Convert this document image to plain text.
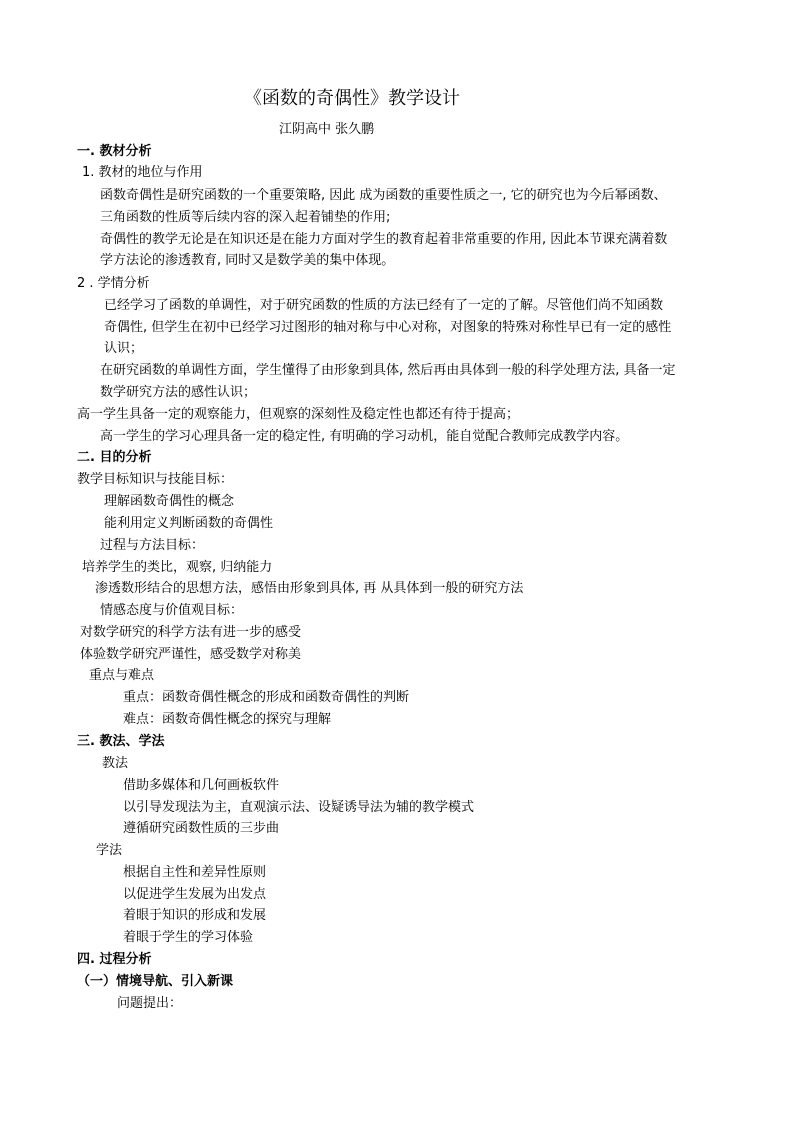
《函数的奇偶性》教学设计
江阴高中 张久鹏
一. 教材分析
1. 教材的地位与作用
函数奇偶性是研究函数的一个重要策略, 因此 成为函数的重要性质之一, 它的研究也为今后幂函数、
三角函数的性质等后续内容的深入起着铺垫的作用;
奇偶性的教学无论是在知识还是在能力方面对学生的教育起着非常重要的作用, 因此本节课充满着数
学方法论的渗透教育, 同时又是数学美的集中体现。
2 . 学情分析
已经学习了函数的单调性，对于研究函数的性质的方法已经有了一定的了解。尽管他们尚不知函数
奇偶性, 但学生在初中已经学习过图形的轴对称与中心对称，对图象的特殊对称性早已有一定的感性
认识；
在研究函数的单调性方面，学生懂得了由形象到具体, 然后再由具体到一般的科学处理方法, 具备一定
数学研究方法的感性认识；
高一学生具备一定的观察能力，但观察的深刻性及稳定性也都还有待于提高；
高一学生的学习心理具备一定的稳定性, 有明确的学习动机，能自觉配合教师完成教学内容。
二. 目的分析
教学目标知识与技能目标：
理解函数奇偶性的概念
能利用定义判断函数的奇偶性
过程与方法目标：
培养学生的类比，观察, 归纳能力
渗透数形结合的思想方法，感悟由形象到具体, 再 从具体到一般的研究方法
情感态度与价值观目标：
对数学研究的科学方法有进一步的感受
体验数学研究严谨性，感受数学对称美
重点与难点
重点：函数奇偶性概念的形成和函数奇偶性的判断
难点：函数奇偶性概念的探究与理解
三. 教法、学法
教法
借助多媒体和几何画板软件
以引导发现法为主，直观演示法、设疑诱导法为辅的教学模式
遵循研究函数性质的三步曲
学法
根据自主性和差异性原则
以促进学生发展为出发点
着眼于知识的形成和发展
着眼于学生的学习体验
四. 过程分析
（一）情境导航、引入新课
问题提出：
